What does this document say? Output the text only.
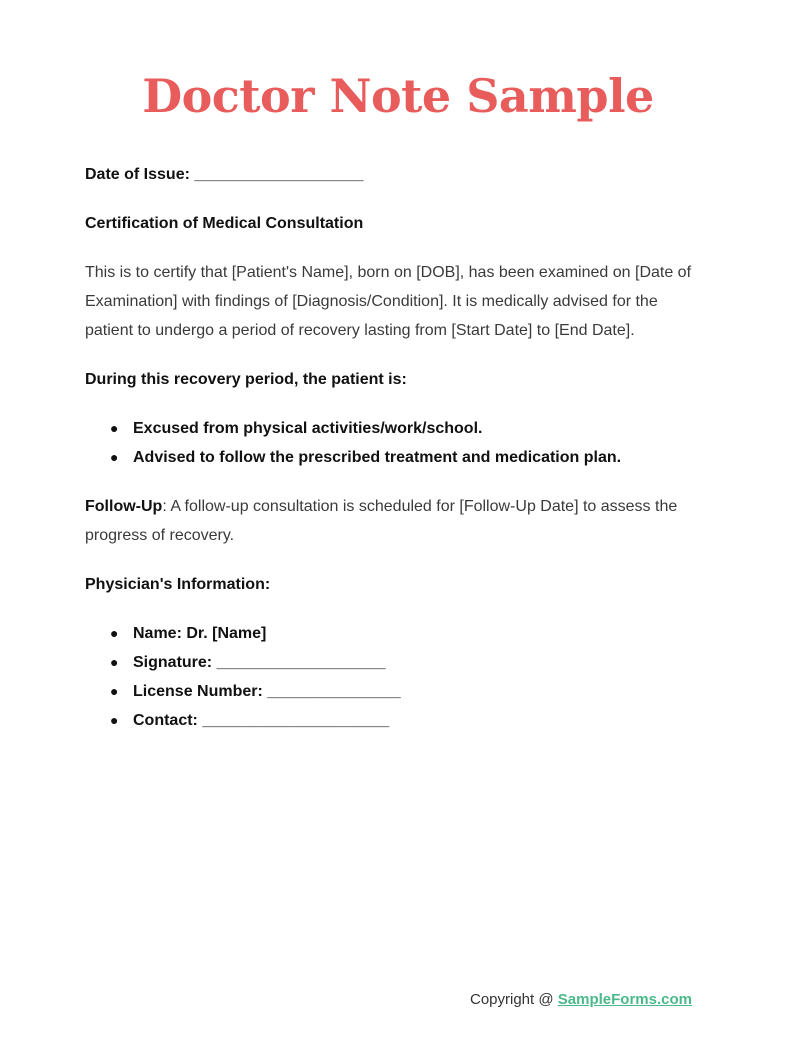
Doctor Note Sample

Date of Issue: ___________________

Certification of Medical Consultation

This is to certify that [Patient's Name], born on [DOB], has been examined on [Date of Examination] with findings of [Diagnosis/Condition]. It is medically advised for the patient to undergo a period of recovery lasting from [Start Date] to [End Date].

During this recovery period, the patient is:

● Excused from physical activities/work/school.
● Advised to follow the prescribed treatment and medication plan.

Follow-Up: A follow-up consultation is scheduled for [Follow-Up Date] to assess the progress of recovery.

Physician's Information:

● Name: Dr. [Name]
● Signature: ___________________
● License Number: _______________
● Contact: _____________________
Copyright @ SampleForms.com
